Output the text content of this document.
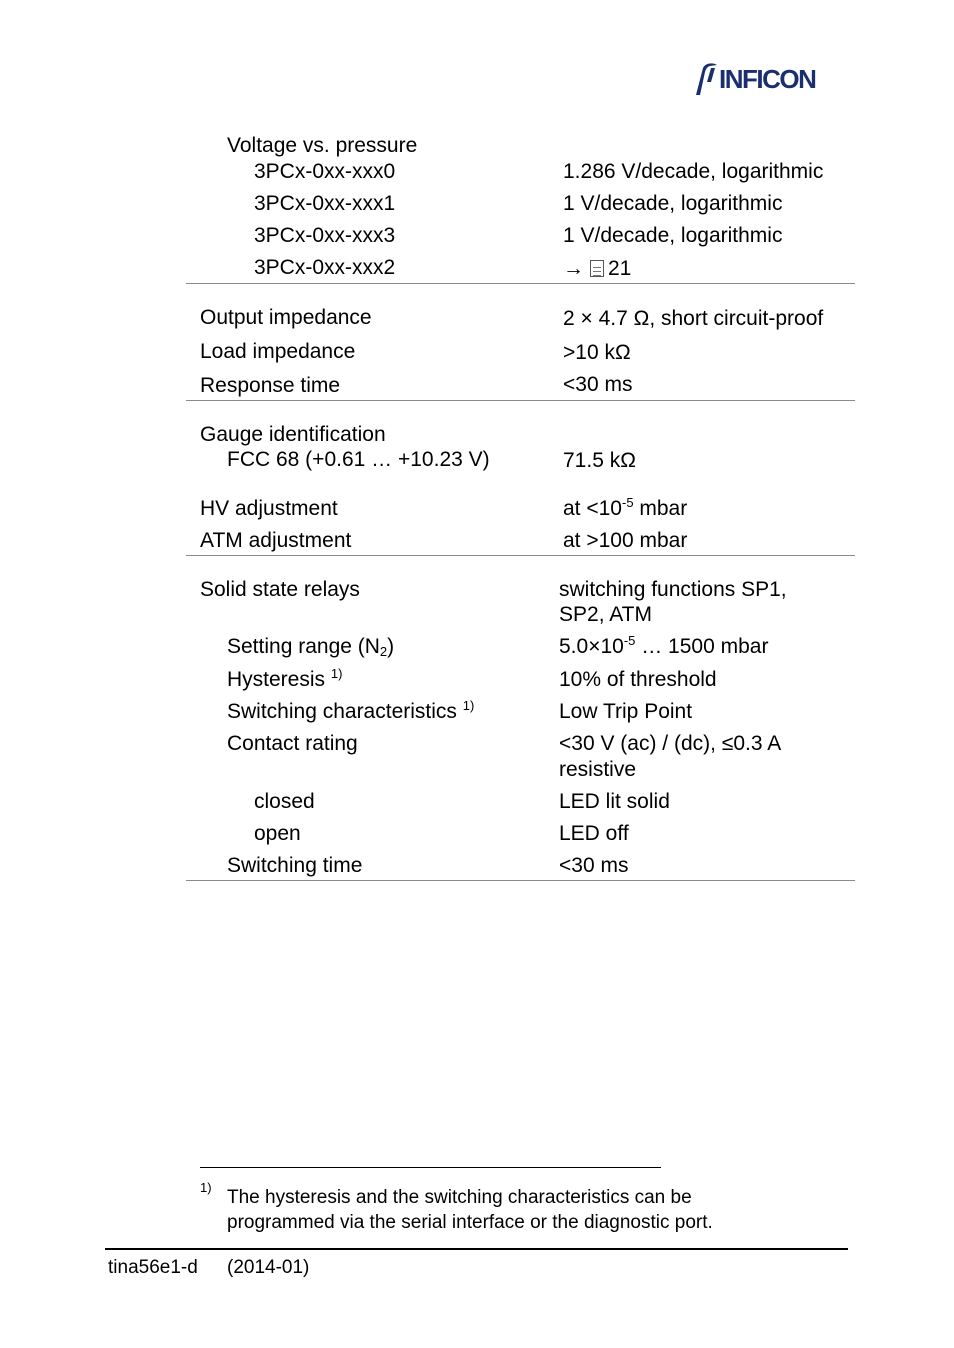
INFICON
Voltage vs. pressure
3PCx-0xx-xxx0	1.286 V/decade, logarithmic
3PCx-0xx-xxx1	1 V/decade, logarithmic
3PCx-0xx-xxx3	1 V/decade, logarithmic
3PCx-0xx-xxx2	→ 21
Output impedance	2 × 4.7 Ω, short circuit-proof
Load impedance	>10 kΩ
Response time	<30 ms
Gauge identification
FCC 68 (+0.61 … +10.23 V)	71.5 kΩ
HV adjustment	at $<10^{-5}$ mbar
ATM adjustment	at >100 mbar
Solid state relays	switching functions SP1,
SP2, ATM
Setting range $(N_2)$	$5.0\times 10^{-5}$ … 1500 mbar
Hysteresis $^{1)}$	10% of threshold
Switching characteristics $^{1)}$	Low Trip Point
Contact rating	<30 V (ac) / (dc), ≤0.3 A
resistive
closed	LED lit solid
open	LED off
Switching time	<30 ms
1) The hysteresis and the switching characteristics can be
programmed via the serial interface or the diagnostic port.
tina56e1-d (2014-01)
